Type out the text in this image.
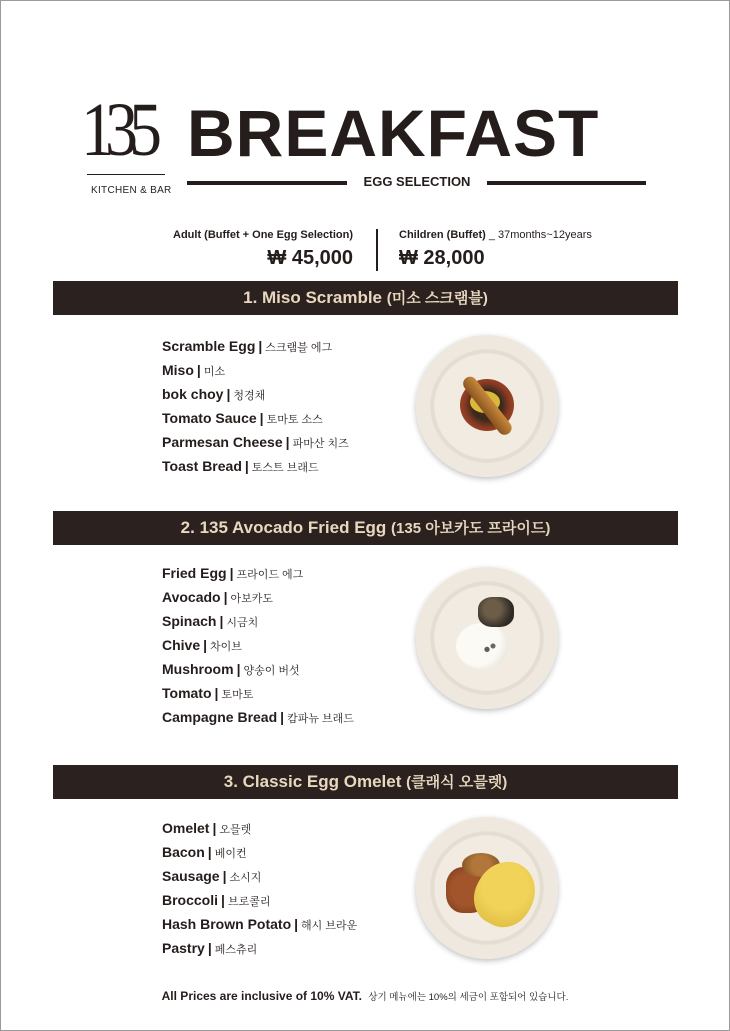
135
KITCHEN & BAR
BREAKFAST
EGG SELECTION
Adult (Buffet + One Egg Selection)
₩ 45,000
Children (Buffet) _ 37months~12years
₩ 28,000
1. Miso Scramble (미소 스크램블)
Scramble Egg | 스크램블 에그
Miso | 미소
bok choy | 청경채
Tomato Sauce | 토마토 소스
Parmesan Cheese | 파마산 치즈
Toast Bread | 토스트 브래드
2. 135 Avocado Fried Egg (135 아보카도 프라이드)
Fried Egg | 프라이드 에그
Avocado | 아보카도
Spinach | 시금치
Chive | 차이브
Mushroom | 양송이 버섯
Tomato | 토마토
Campagne Bread | 캄파뉴 브래드
3. Classic Egg Omelet (클래식 오믈렛)
Omelet | 오믈렛
Bacon | 베이컨
Sausage | 소시지
Broccoli | 브로콜리
Hash Brown Potato | 해시 브라운
Pastry | 페스츄리
All Prices are inclusive of 10% VAT. 상기 메뉴에는 10%의 세금이 포함되어 있습니다.
